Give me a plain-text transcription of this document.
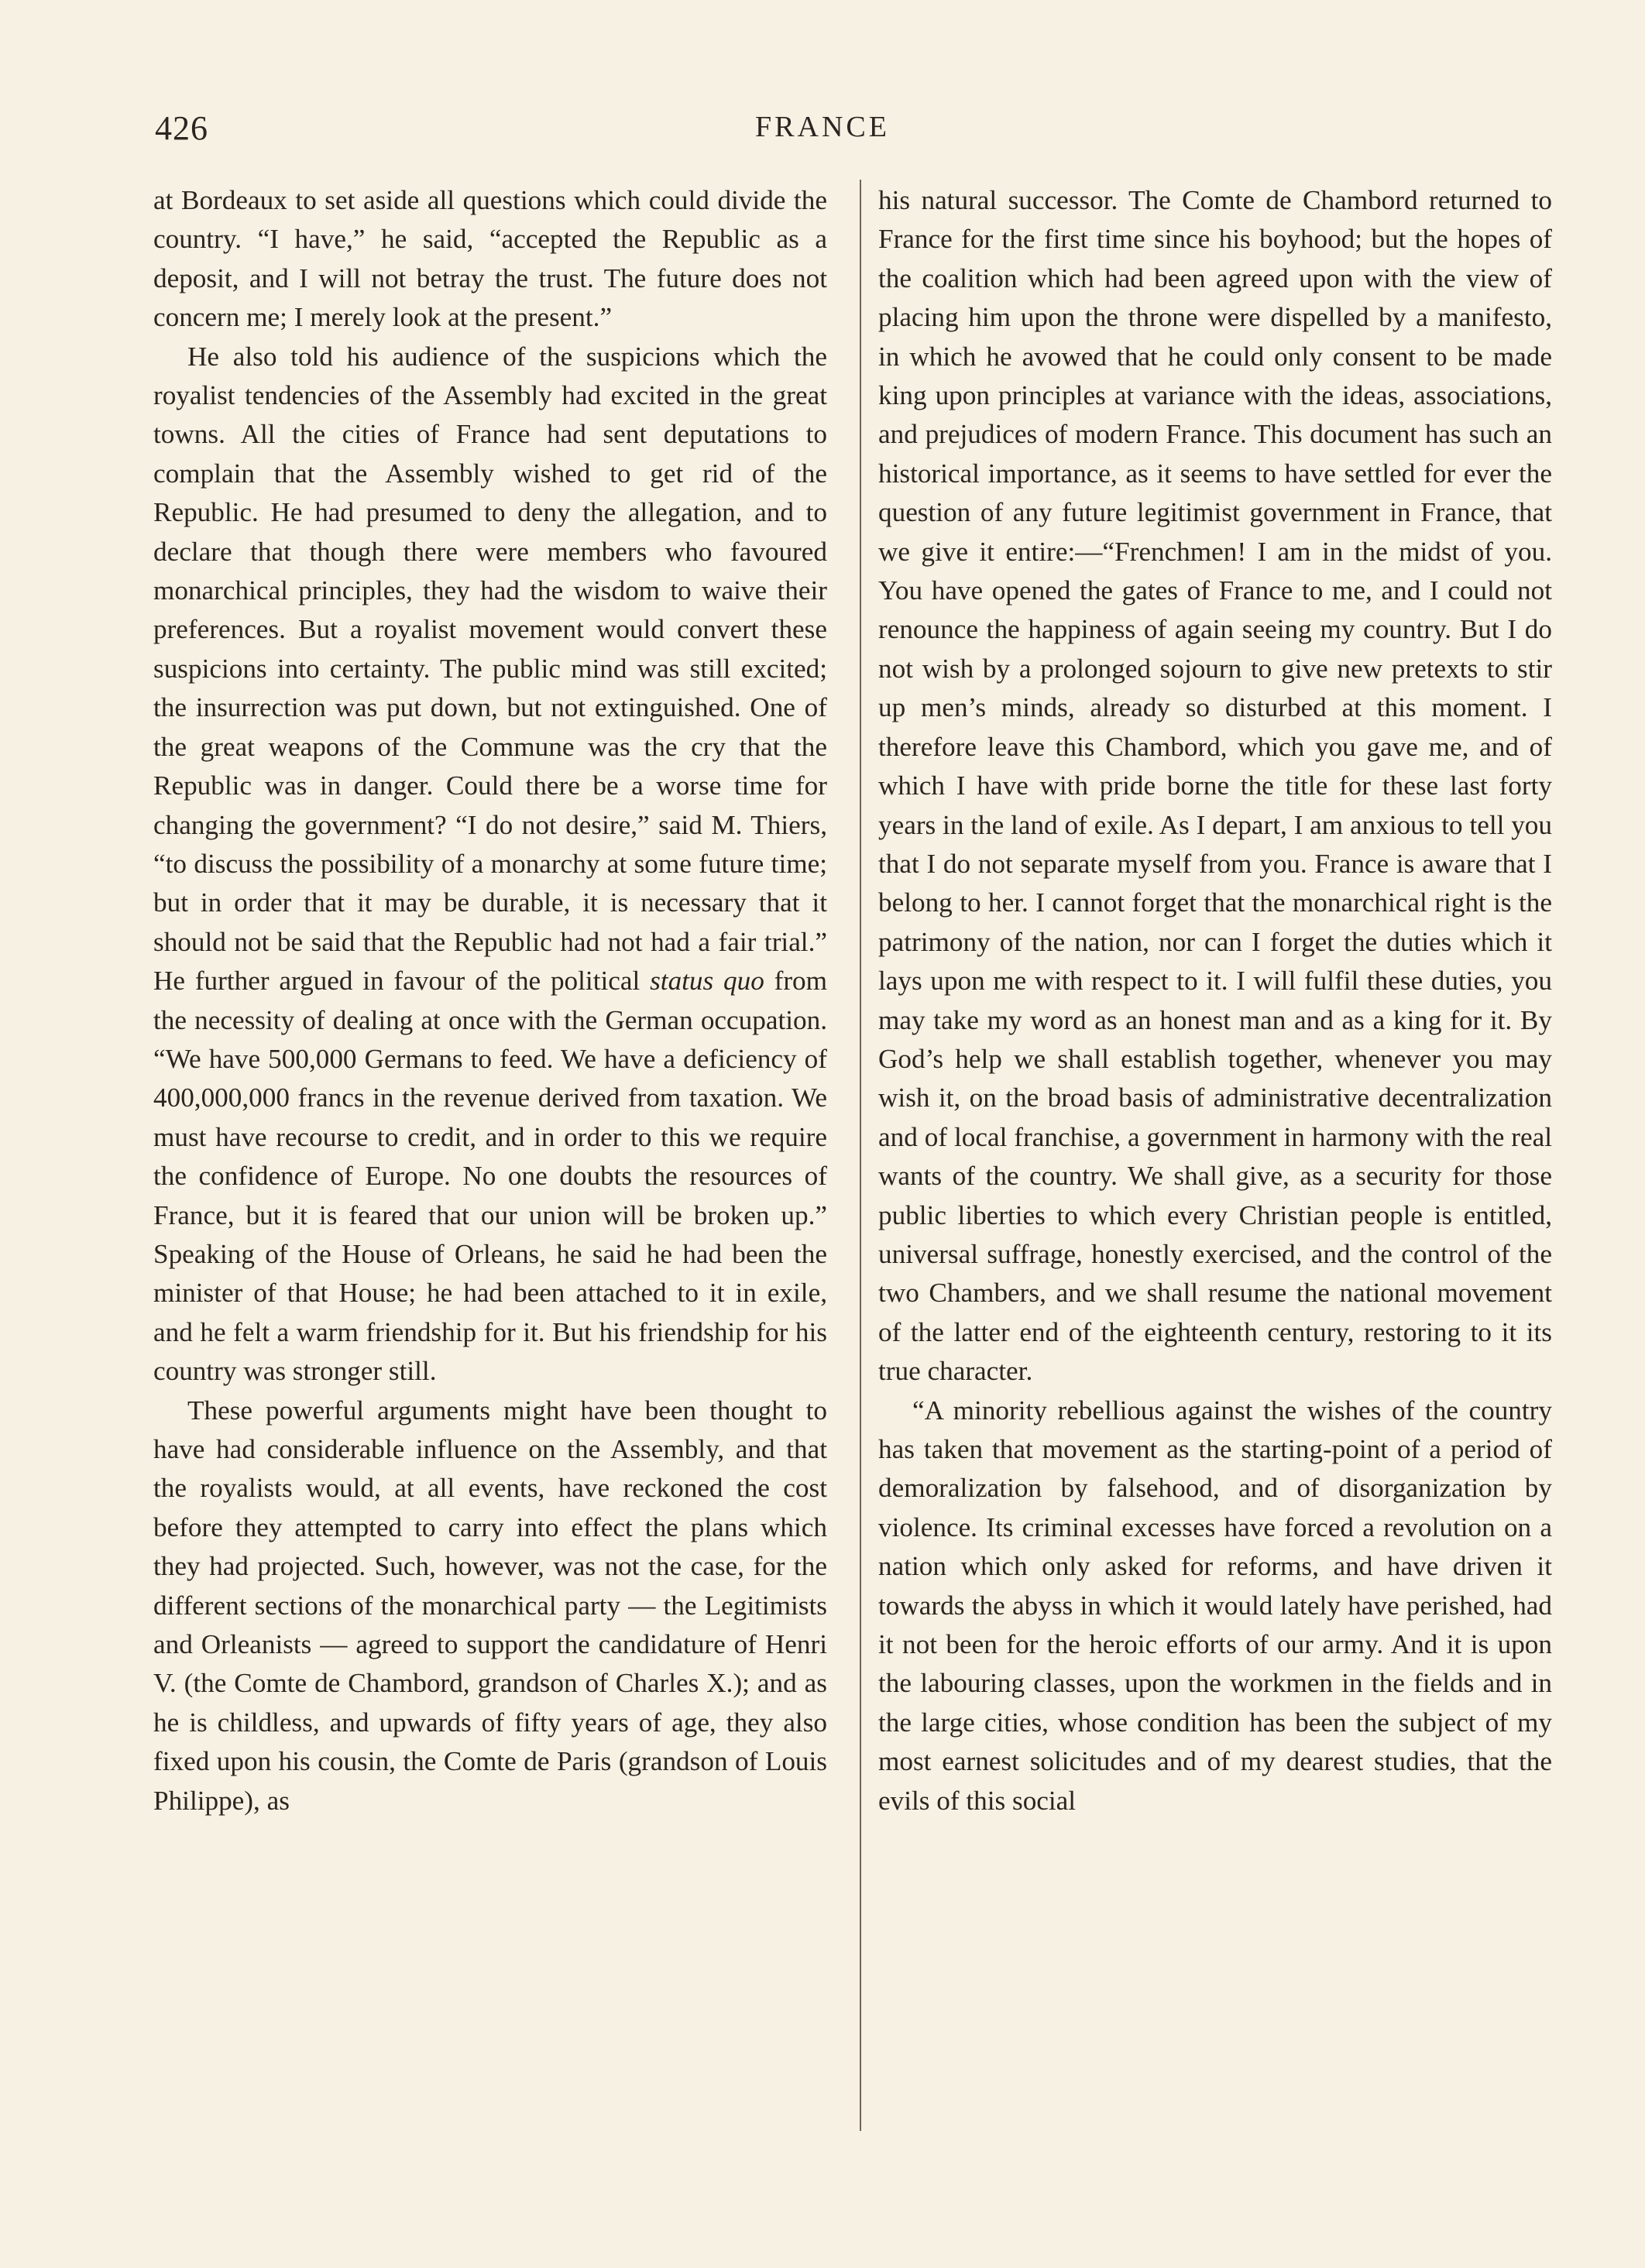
426	FRANCE

at Bordeaux to set aside all questions which could divide the country. “I have,” he said, “accepted the Republic as a deposit, and I will not betray the trust. The future does not concern me; I merely look at the present.”

He also told his audience of the suspicions which the royalist tendencies of the Assembly had excited in the great towns. All the cities of France had sent deputations to complain that the Assembly wished to get rid of the Republic. He had presumed to deny the allegation, and to declare that though there were members who favoured monarchical principles, they had the wisdom to waive their preferences. But a royalist movement would convert these suspicions into certainty. The public mind was still excited; the insurrection was put down, but not extinguished. One of the great weapons of the Commune was the cry that the Republic was in danger. Could there be a worse time for changing the government? “I do not desire,” said M. Thiers, “to discuss the possibility of a monarchy at some future time; but in order that it may be durable, it is necessary that it should not be said that the Republic had not had a fair trial.” He further argued in favour of the political status quo from the necessity of dealing at once with the German occupation. “We have 500,000 Germans to feed. We have a deficiency of 400,000,000 francs in the revenue derived from taxation. We must have recourse to credit, and in order to this we require the confidence of Europe. No one doubts the resources of France, but it is feared that our union will be broken up.” Speaking of the House of Orleans, he said he had been the minister of that House; he had been attached to it in exile, and he felt a warm friendship for it. But his friendship for his country was stronger still.

These powerful arguments might have been thought to have had considerable influence on the Assembly, and that the royalists would, at all events, have reckoned the cost before they attempted to carry into effect the plans which they had projected. Such, however, was not the case, for the different sections of the monarchical party — the Legitimists and Orleanists — agreed to support the candidature of Henri V. (the Comte de Chambord, grandson of Charles X.); and as he is childless, and upwards of fifty years of age, they also fixed upon his cousin, the Comte de Paris (grandson of Louis Philippe), as

his natural successor. The Comte de Chambord returned to France for the first time since his boyhood; but the hopes of the coalition which had been agreed upon with the view of placing him upon the throne were dispelled by a manifesto, in which he avowed that he could only consent to be made king upon principles at variance with the ideas, associations, and prejudices of modern France. This document has such an historical importance, as it seems to have settled for ever the question of any future legitimist government in France, that we give it entire:—“Frenchmen! I am in the midst of you. You have opened the gates of France to me, and I could not renounce the happiness of again seeing my country. But I do not wish by a prolonged sojourn to give new pretexts to stir up men’s minds, already so disturbed at this moment. I therefore leave this Chambord, which you gave me, and of which I have with pride borne the title for these last forty years in the land of exile. As I depart, I am anxious to tell you that I do not separate myself from you. France is aware that I belong to her. I cannot forget that the monarchical right is the patrimony of the nation, nor can I forget the duties which it lays upon me with respect to it. I will fulfil these duties, you may take my word as an honest man and as a king for it. By God’s help we shall establish together, whenever you may wish it, on the broad basis of administrative decentralization and of local franchise, a government in harmony with the real wants of the country. We shall give, as a security for those public liberties to which every Christian people is entitled, universal suffrage, honestly exercised, and the control of the two Chambers, and we shall resume the national movement of the latter end of the eighteenth century, restoring to it its true character.

“A minority rebellious against the wishes of the country has taken that movement as the starting-point of a period of demoralization by falsehood, and of disorganization by violence. Its criminal excesses have forced a revolution on a nation which only asked for reforms, and have driven it towards the abyss in which it would lately have perished, had it not been for the heroic efforts of our army. And it is upon the labouring classes, upon the workmen in the fields and in the large cities, whose condition has been the subject of my most earnest solicitudes and of my dearest studies, that the evils of this social
